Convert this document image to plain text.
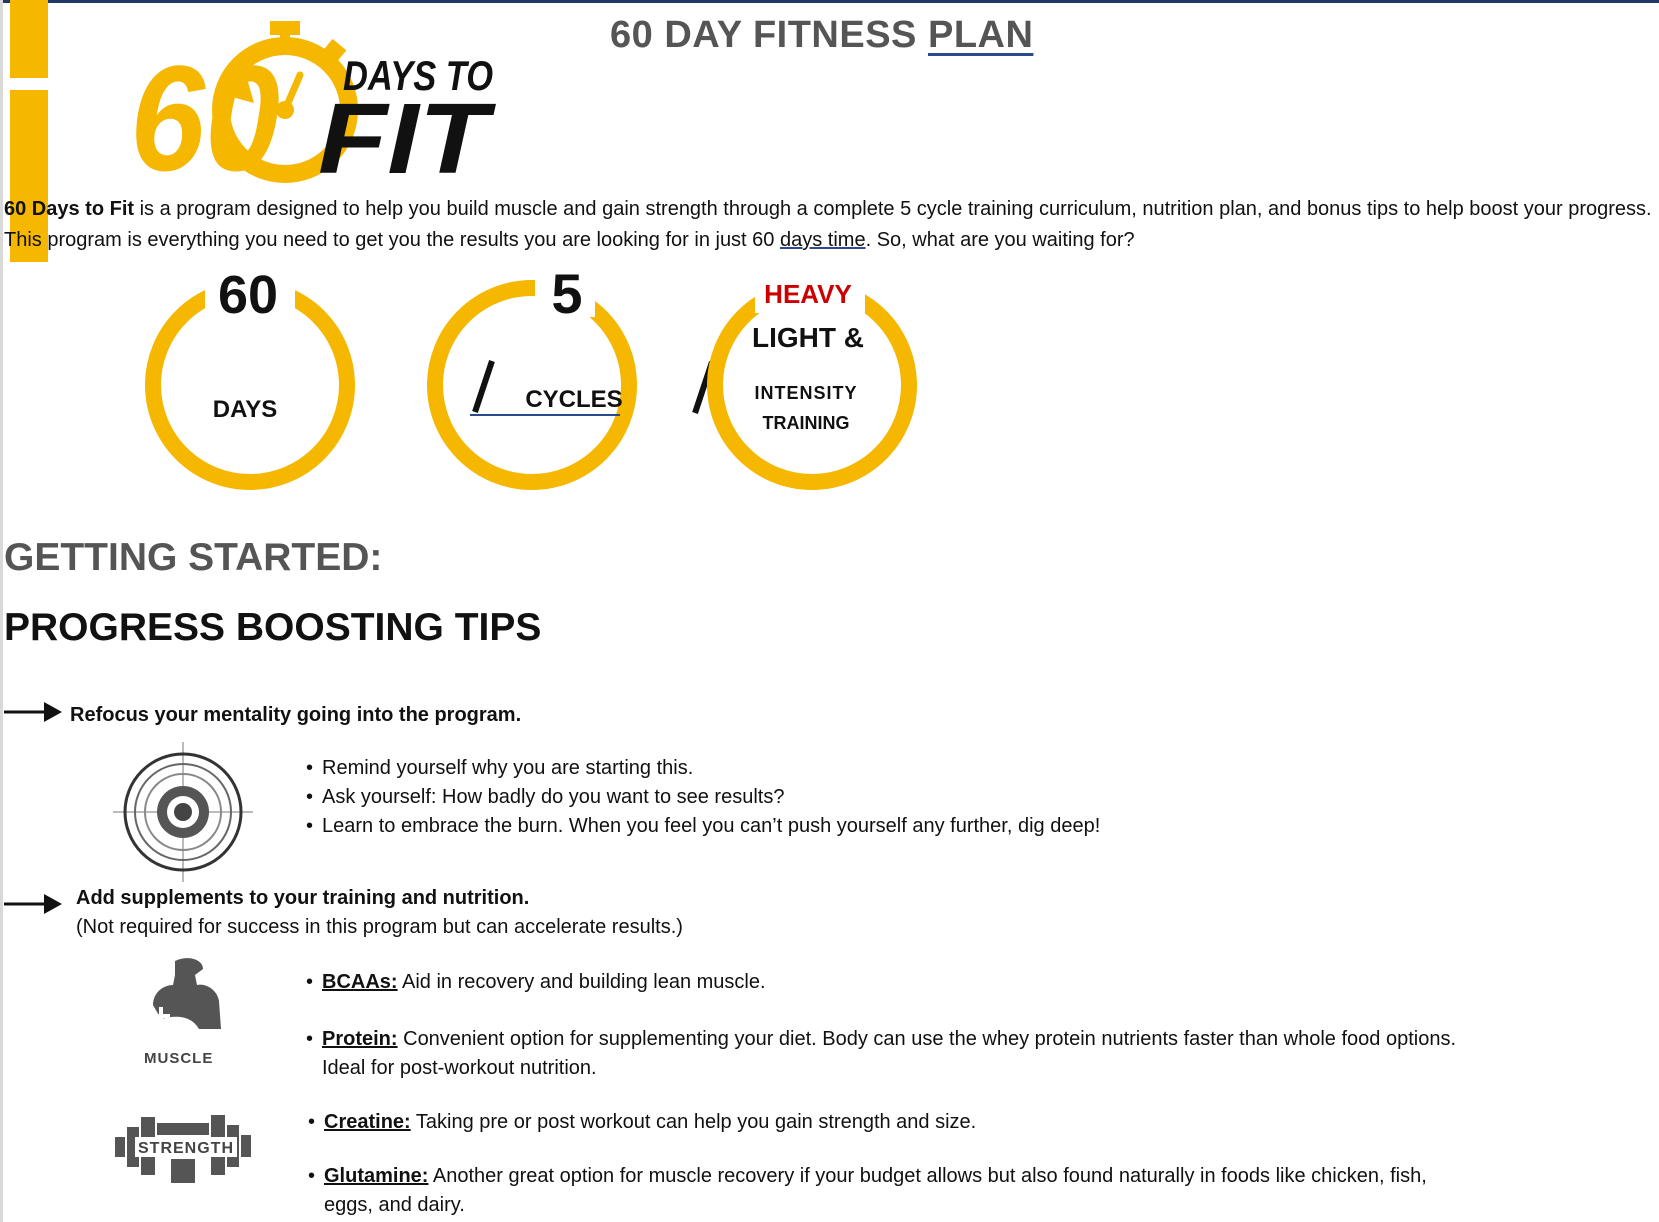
60 DAY FITNESS PLAN
60 DAYS TO
FIT
60 Days to Fit is a program designed to help you build muscle and gain strength through a complete 5 cycle training curriculum, nutrition plan, and bonus tips to help boost your progress. This program is everything you need to get you the results you are looking for in just 60 days time. So, what are you waiting for?
60
DAYS
5
CYCLES
HEAVY
LIGHT &
INTENSITY
TRAINING
GETTING STARTED:
PROGRESS BOOSTING TIPS
Refocus your mentality going into the program.
• Remind yourself why you are starting this.
• Ask yourself: How badly do you want to see results?
• Learn to embrace the burn. When you feel you can’t push yourself any further, dig deep!
Add supplements to your training and nutrition.
(Not required for success in this program but can accelerate results.)
MUSCLE
STRENGTH
• BCAAs: Aid in recovery and building lean muscle.
• Protein: Convenient option for supplementing your diet. Body can use the whey protein nutrients faster than whole food options. Ideal for post-workout nutrition.
• Creatine: Taking pre or post workout can help you gain strength and size.
• Glutamine: Another great option for muscle recovery if your budget allows but also found naturally in foods like chicken, fish, eggs, and dairy.
